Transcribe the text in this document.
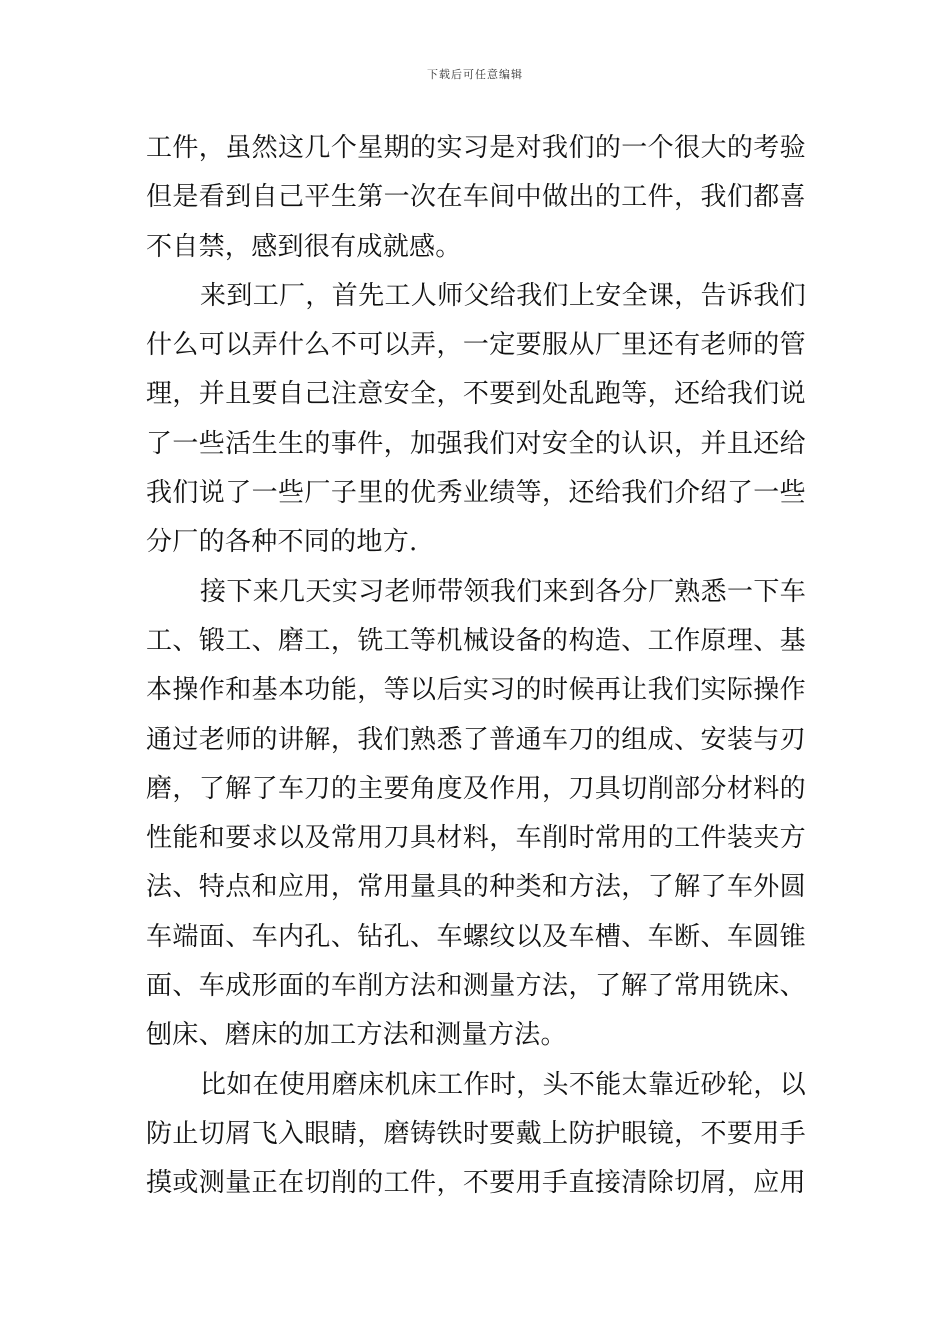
下载后可任意编辑
工件，虽然这几个星期的实习是对我们的一个很大的考验
但是看到自己平生第一次在车间中做出的工件，我们都喜
不自禁，感到很有成就感。
来到工厂，首先工人师父给我们上安全课，告诉我们
什么可以弄什么不可以弄，一定要服从厂里还有老师的管
理，并且要自己注意安全，不要到处乱跑等，还给我们说
了一些活生生的事件，加强我们对安全的认识，并且还给
我们说了一些厂子里的优秀业绩等，还给我们介绍了一些
分厂的各种不同的地方.
接下来几天实习老师带领我们来到各分厂熟悉一下车
工、锻工、磨工，铣工等机械设备的构造、工作原理、基
本操作和基本功能，等以后实习的时候再让我们实际操作
通过老师的讲解，我们熟悉了普通车刀的组成、安装与刃
磨，了解了车刀的主要角度及作用，刀具切削部分材料的
性能和要求以及常用刀具材料，车削时常用的工件装夹方
法、特点和应用，常用量具的种类和方法，了解了车外圆
车端面、车内孔、钻孔、车螺纹以及车槽、车断、车圆锥
面、车成形面的车削方法和测量方法，了解了常用铣床、
刨床、磨床的加工方法和测量方法。
比如在使用磨床机床工作时，头不能太靠近砂轮，以
防止切屑飞入眼睛，磨铸铁时要戴上防护眼镜，不要用手
摸或测量正在切削的工件，不要用手直接清除切屑，应用
